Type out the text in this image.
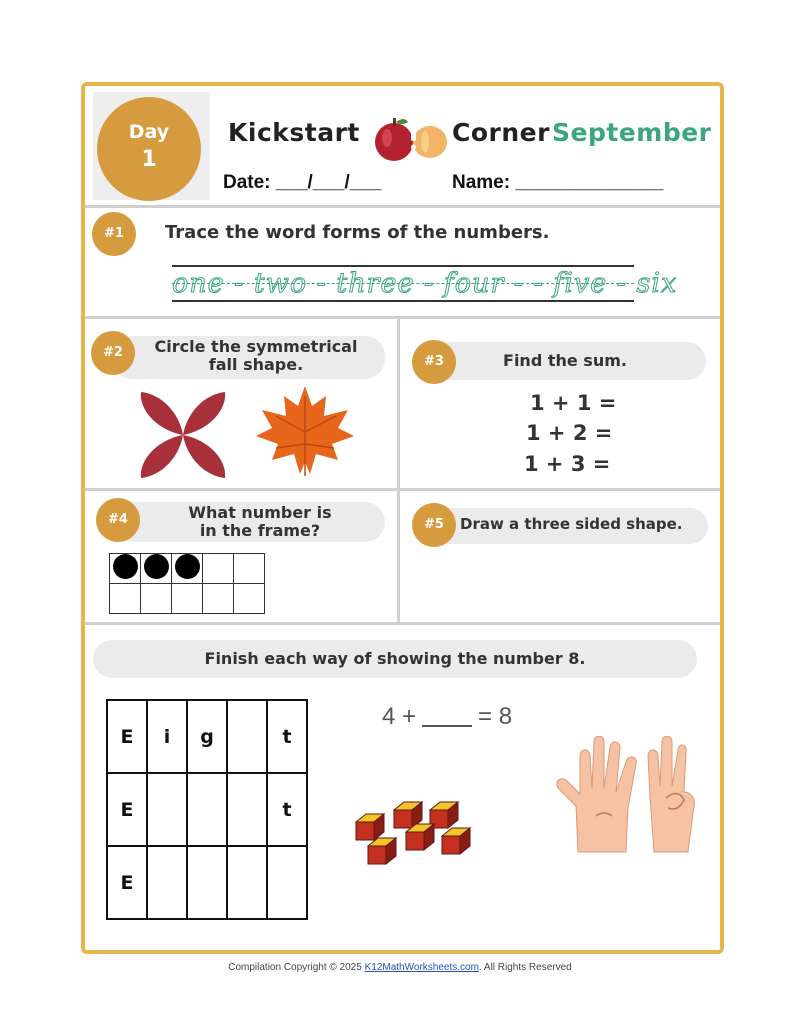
Day
1
Kickstart	Corner September
Date: ___/___/___	Name: ______________
#1	Trace the word forms of the numbers.
one - two - three - four - - five - six
#2	Circle the symmetrical
fall shape.	#3	Find the sum.
1 + 1 =
1 + 2 =
1 + 3 =
#4	What number is
in the frame?

					#5	Draw a three sided shape.
Finish each way of showing the number 8.
E	i	g		t
E				t
E				
4 +	= 8
Compilation Copyright © 2025 K12MathWorksheets.com. All Rights Reserved
